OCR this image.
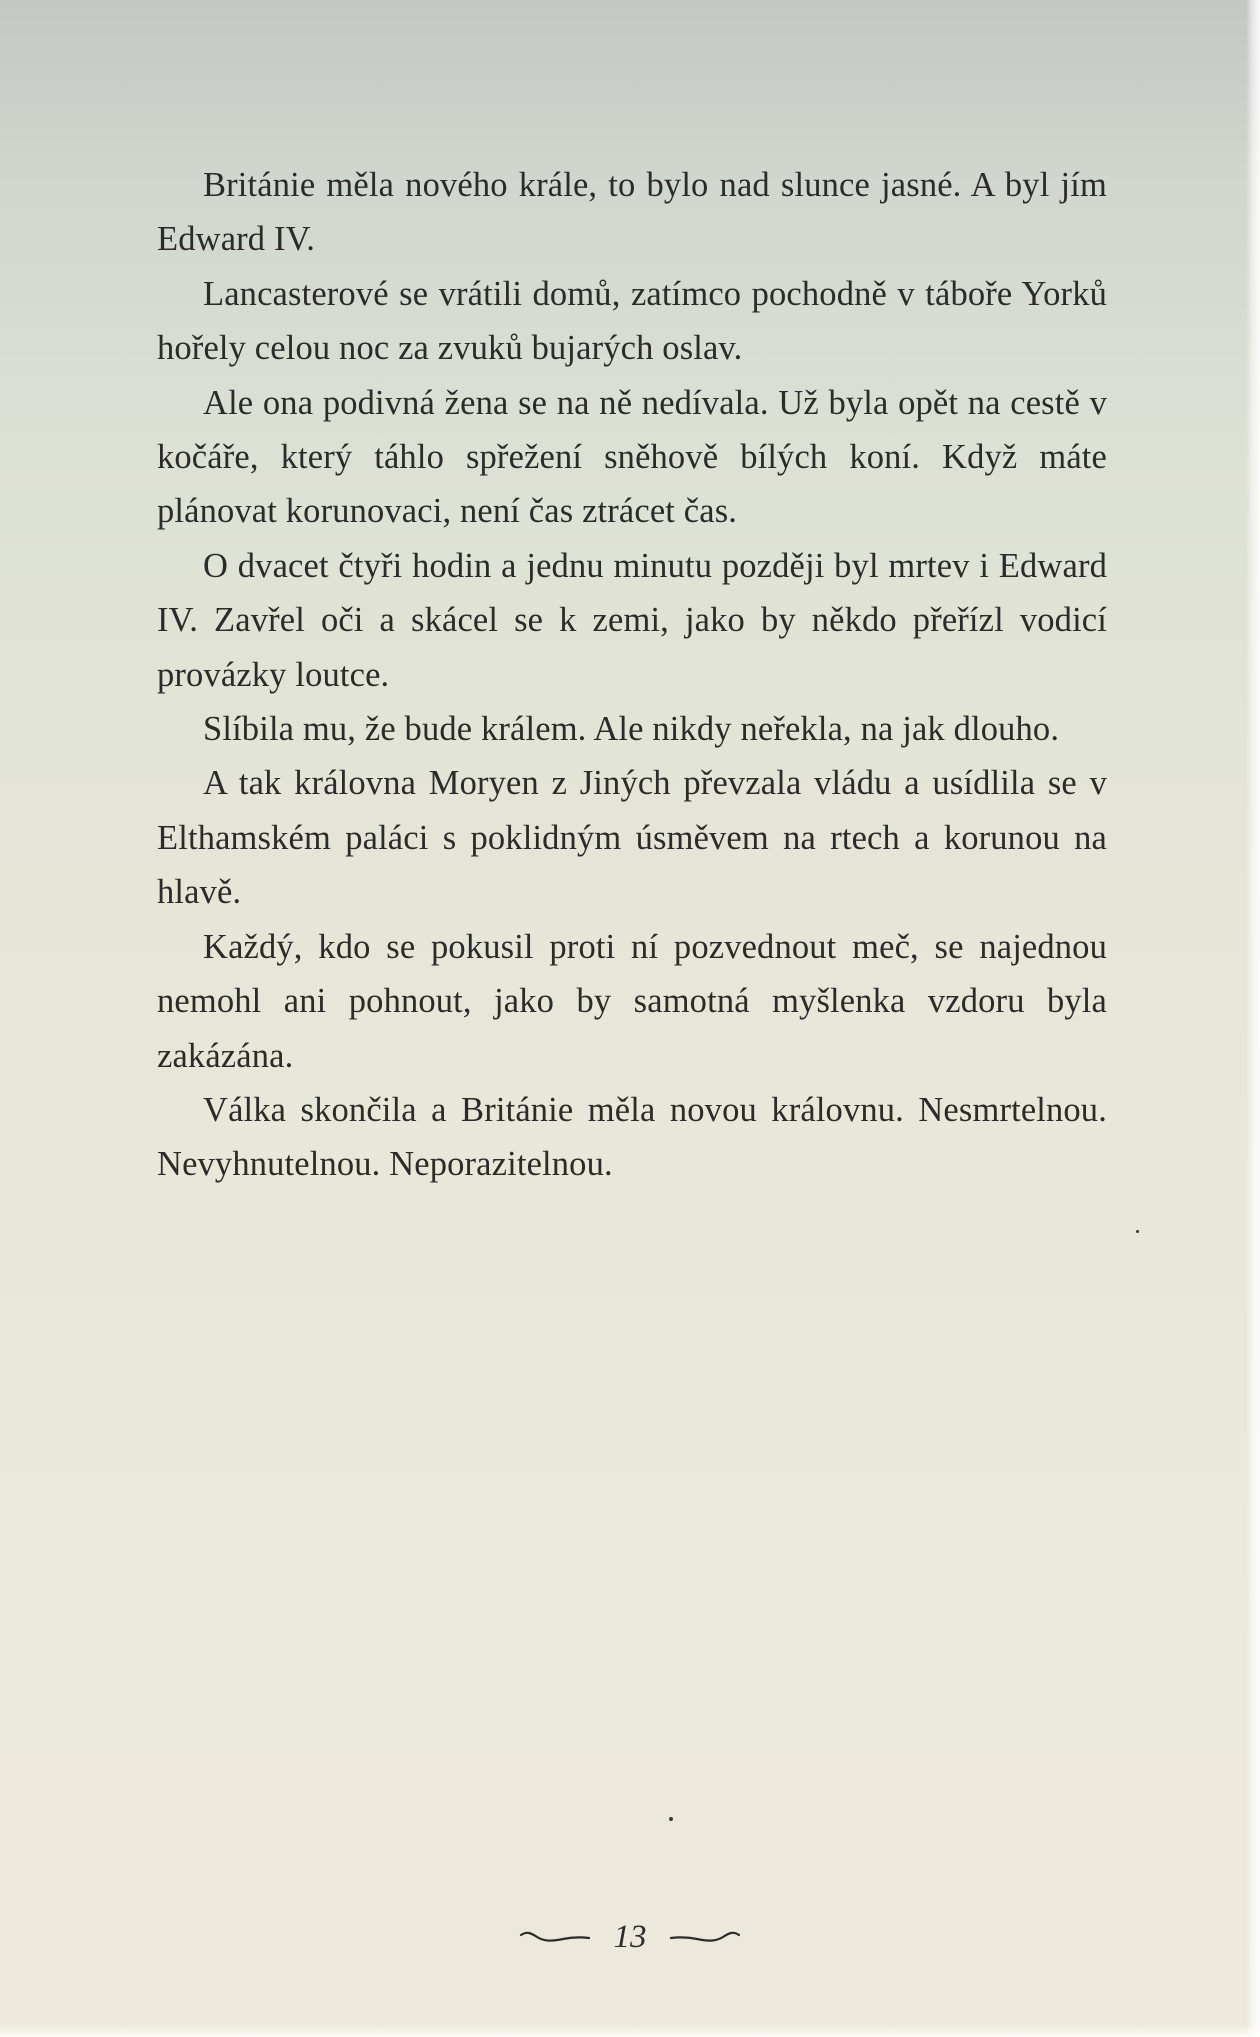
Británie měla nového krále, to bylo nad slunce jasné. A byl jím Edward IV.

Lancasterové se vrátili domů, zatímco pochodně v táboře Yorků hořely celou noc za zvuků bujarých oslav.

Ale ona podivná žena se na ně nedívala. Už byla opět na cestě v kočáře, který táhlo spřežení sněhově bílých koní. Když máte plánovat korunovaci, není čas ztrácet čas.

O dvacet čtyři hodin a jednu minutu později byl mrtev i Edward IV. Zavřel oči a skácel se k zemi, jako by někdo přeřízl vodicí provázky loutce.

Slíbila mu, že bude králem. Ale nikdy neřekla, na jak dlouho.

A tak královna Moryen z Jiných převzala vládu a usídlila se v Elthamském paláci s poklidným úsměvem na rtech a korunou na hlavě.

Každý, kdo se pokusil proti ní pozvednout meč, se najednou nemohl ani pohnout, jako by samotná myšlenka vzdoru byla zakázána.

Válka skončila a Británie měla novou královnu. Nesmrtelnou. Nevyhnutelnou. Neporazitelnou.

13
